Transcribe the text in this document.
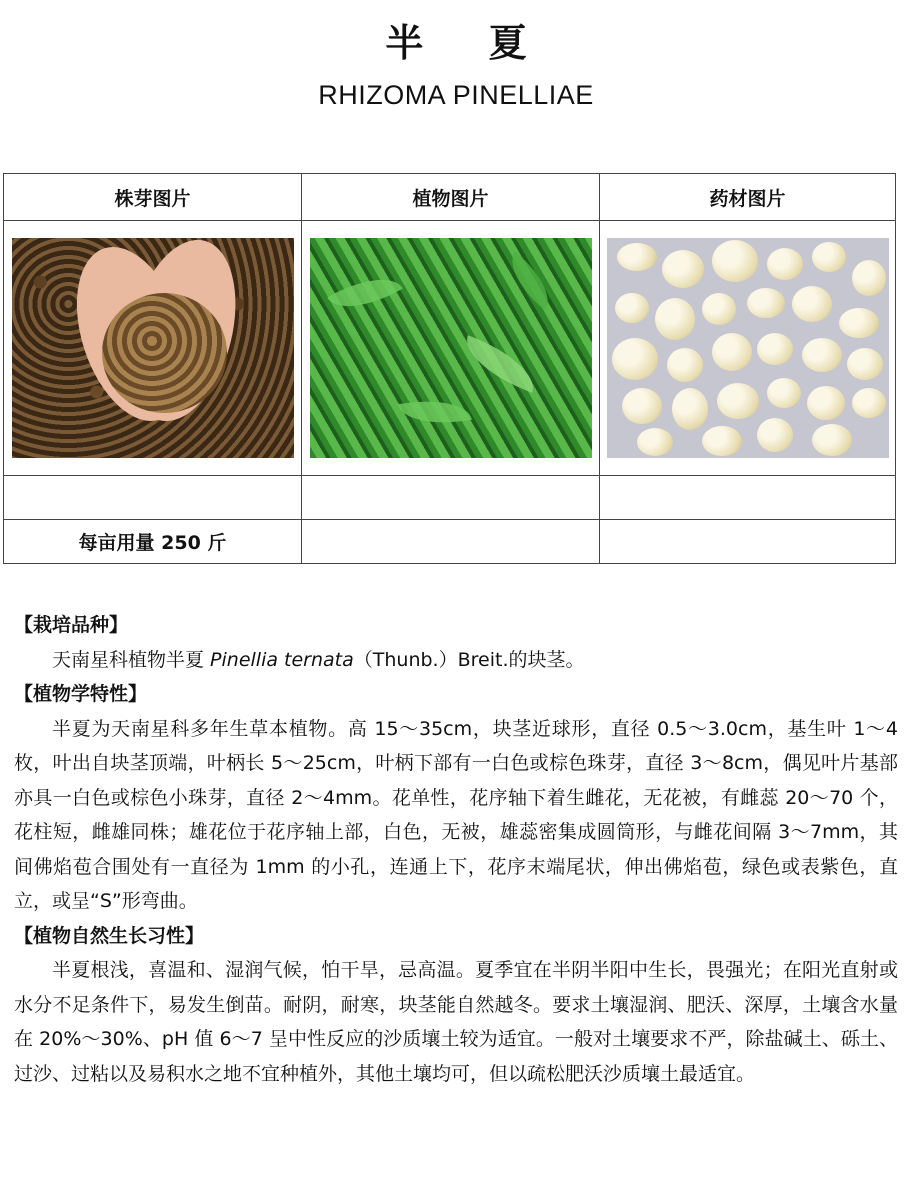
半 夏
RHIZOMA PINELLIAE
株芽图片	植物图片	药材图片

每亩用量 250 斤		
【栽培品种】

天南星科植物半夏 Pinellia ternata（Thunb.）Breit.的块茎。

【植物学特性】

半夏为天南星科多年生草本植物。高 15～35cm，块茎近球形，直径 0.5～3.0cm，基生叶 1～4 枚，叶出自块茎顶端，叶柄长 5～25cm，叶柄下部有一白色或棕色珠芽，直径 3～8cm，偶见叶片基部亦具一白色或棕色小珠芽，直径 2～4mm。花单性，花序轴下着生雌花，无花被，有雌蕊 20～70 个，花柱短，雌雄同株；雄花位于花序轴上部，白色，无被，雄蕊密集成圆筒形，与雌花间隔 3～7mm，其间佛焰苞合围处有一直径为 1mm 的小孔，连通上下，花序末端尾状，伸出佛焰苞，绿色或表紫色，直立，或呈“S”形弯曲。

【植物自然生长习性】

半夏根浅，喜温和、湿润气候，怕干旱，忌高温。夏季宜在半阴半阳中生长，畏强光；在阳光直射或水分不足条件下，易发生倒苗。耐阴，耐寒，块茎能自然越冬。要求土壤湿润、肥沃、深厚，土壤含水量在 20%～30%、pH 值 6～7 呈中性反应的沙质壤土较为适宜。一般对土壤要求不严，除盐碱土、砾土、过沙、过粘以及易积水之地不宜种植外，其他土壤均可，但以疏松肥沃沙质壤土最适宜。
